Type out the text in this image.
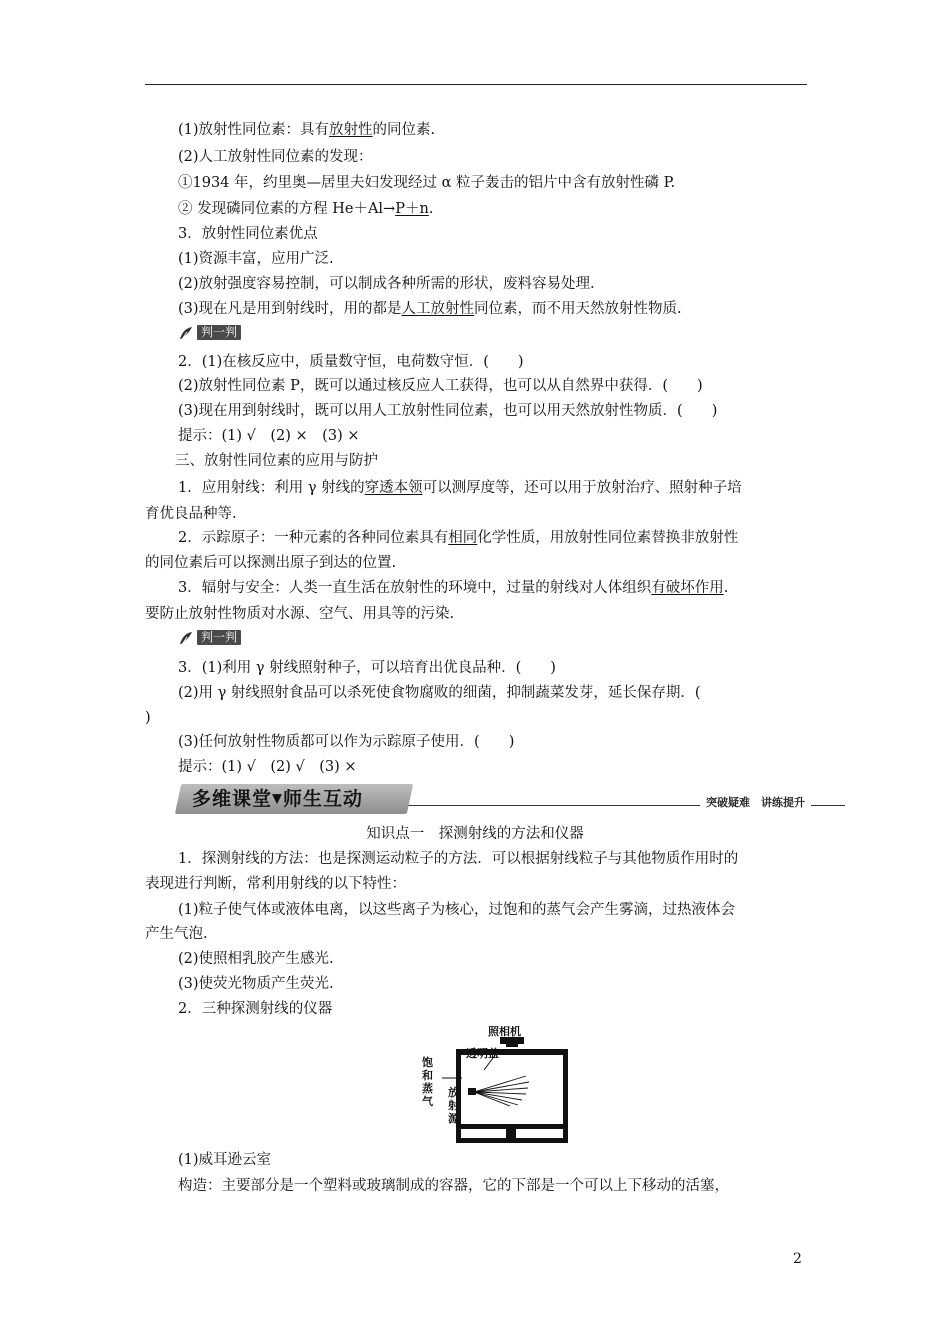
(1)放射性同位素：具有放射性的同位素.
(2)人工放射性同位素的发现：
①1934 年，约里奥—居里夫妇发现经过 α 粒子轰击的铝片中含有放射性磷 P.
② 发现磷同位素的方程 He＋Al→P＋n.
3．放射性同位素优点
(1)资源丰富，应用广泛.
(2)放射强度容易控制，可以制成各种所需的形状，废料容易处理.
(3)现在凡是用到射线时，用的都是人工放射性同位素，而不用天然放射性物质.
判一判
2．(1)在核反应中，质量数守恒，电荷数守恒．(　　)
(2)放射性同位素 P，既可以通过核反应人工获得，也可以从自然界中获得．(　　)
(3)现在用到射线时，既可以用人工放射性同位素，也可以用天然放射性物质．(　　)
提示：(1) √　(2) ×　(3) ×
三、放射性同位素的应用与防护
1．应用射线：利用 γ 射线的穿透本领可以测厚度等，还可以用于放射治疗、照射种子培
育优良品种等.
2．示踪原子：一种元素的各种同位素具有相同化学性质，用放射性同位素替换非放射性
的同位素后可以探测出原子到达的位置.
3．辐射与安全：人类一直生活在放射性的环境中，过量的射线对人体组织有破坏作用.
要防止放射性物质对水源、空气、用具等的污染.
判一判
3．(1)利用 γ 射线照射种子，可以培育出优良品种．(　　)
(2)用 γ 射线照射食品可以杀死使食物腐败的细菌，抑制蔬菜发芽，延长保存期．(
)
(3)任何放射性物质都可以作为示踪原子使用．(　　)
提示：(1) √　(2) √　(3) ×
多维课堂▼师生互动	突破疑难　讲练提升
知识点一　探测射线的方法和仪器
1．探测射线的方法：也是探测运动粒子的方法．可以根据射线粒子与其他物质作用时的
表现进行判断，常利用射线的以下特性：
(1)粒子使气体或液体电离，以这些离子为核心，过饱和的蒸气会产生雾滴，过热液体会
产生气泡.
(2)使照相乳胶产生感光.
(3)使荧光物质产生荧光.
2．三种探测射线的仪器
照相机
透明盖
饱
和
蒸
气
放
射
源
(1)威耳逊云室
构造：主要部分是一个塑料或玻璃制成的容器，它的下部是一个可以上下移动的活塞，
2
